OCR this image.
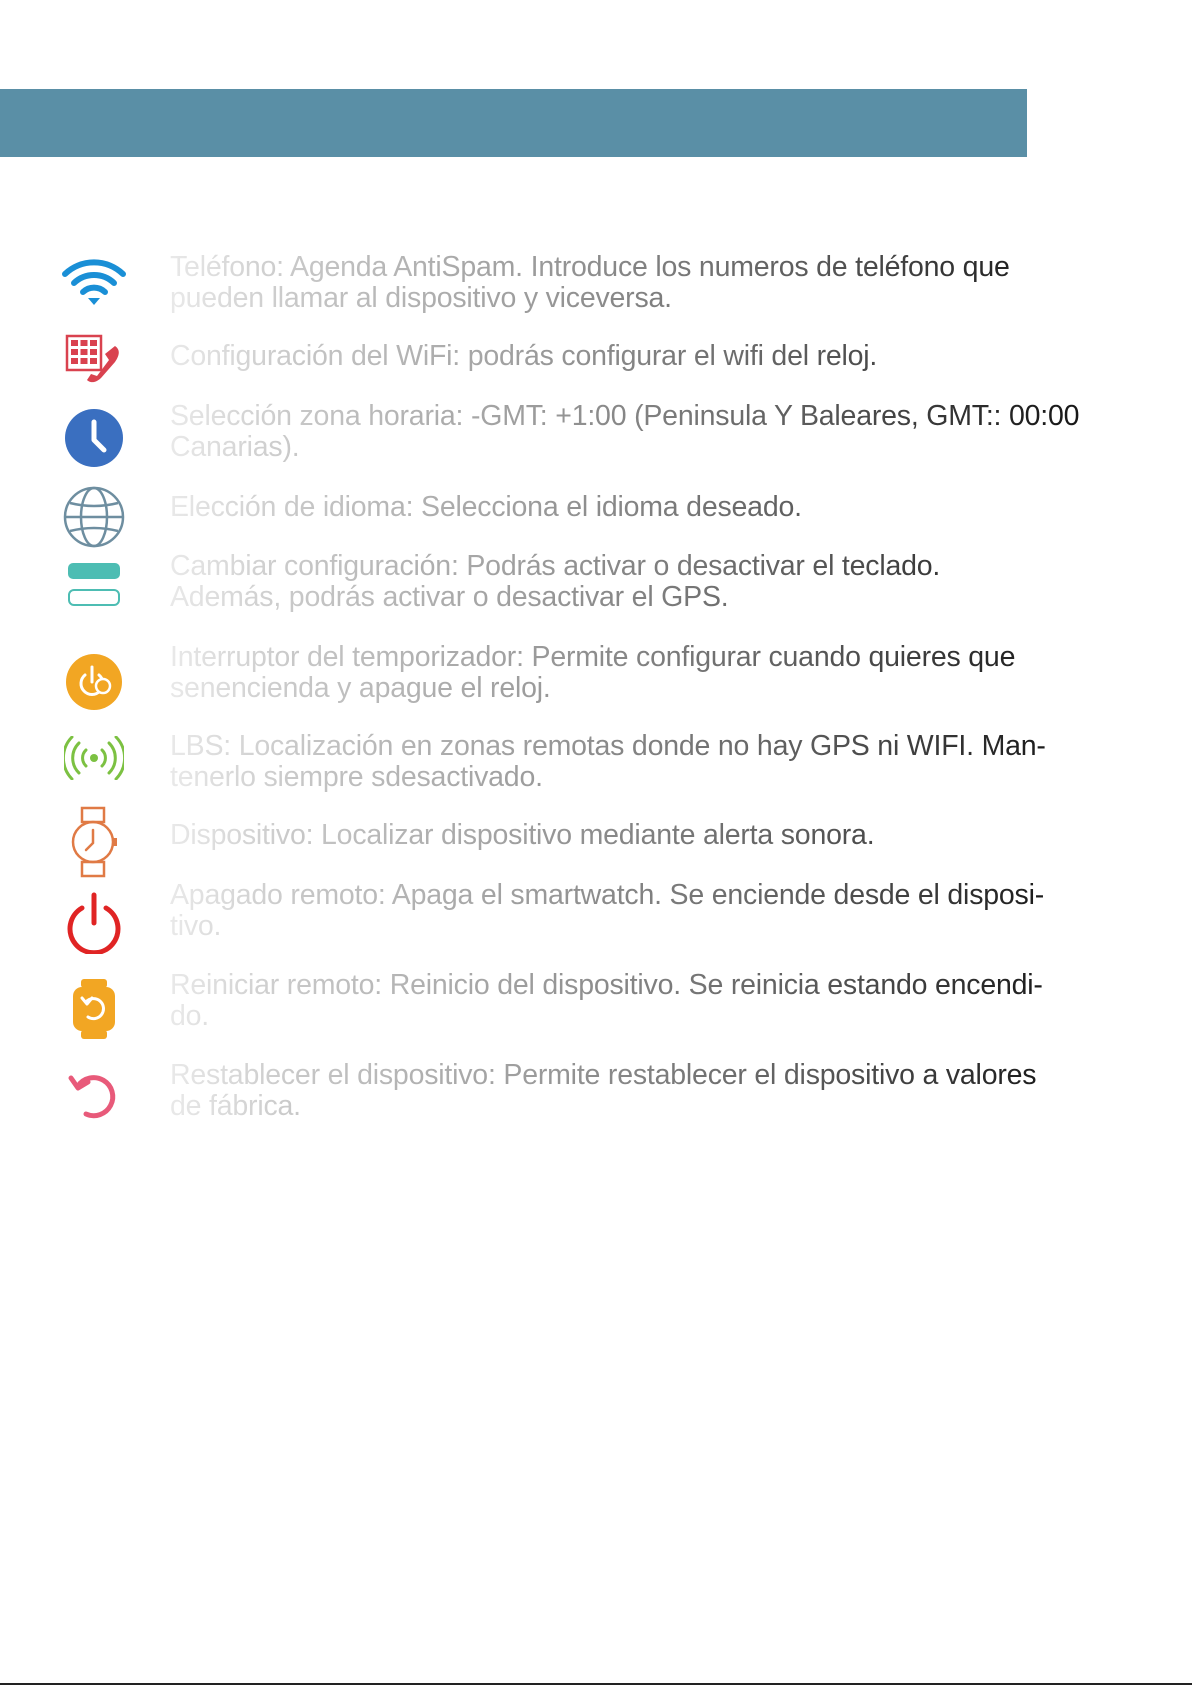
Teléfono: Agenda AntiSpam. Introduce los numeros de teléfono que
pueden llamar al dispositivo y viceversa.

Configuración del WiFi: podrás configurar el wifi del reloj.

Selección zona horaria: -GMT: +1:00 (Peninsula Y Baleares, GMT:: 00:00
Canarias).

Elección de idioma: Selecciona el idioma deseado.

Cambiar configuración: Podrás activar o desactivar el teclado.
Además, podrás activar o desactivar el GPS.

Interruptor del temporizador: Permite configurar cuando quieres que
senencienda y apague el reloj.

LBS: Localización en zonas remotas donde no hay GPS ni WIFI. Man-
tenerlo siempre sdesactivado.

Dispositivo: Localizar dispositivo mediante alerta sonora.

Apagado remoto: Apaga el smartwatch. Se enciende desde el disposi-
tivo.

Reiniciar remoto: Reinicio del dispositivo. Se reinicia estando encendi-
do.

Restablecer el dispositivo: Permite restablecer el dispositivo a valores
de fábrica.
